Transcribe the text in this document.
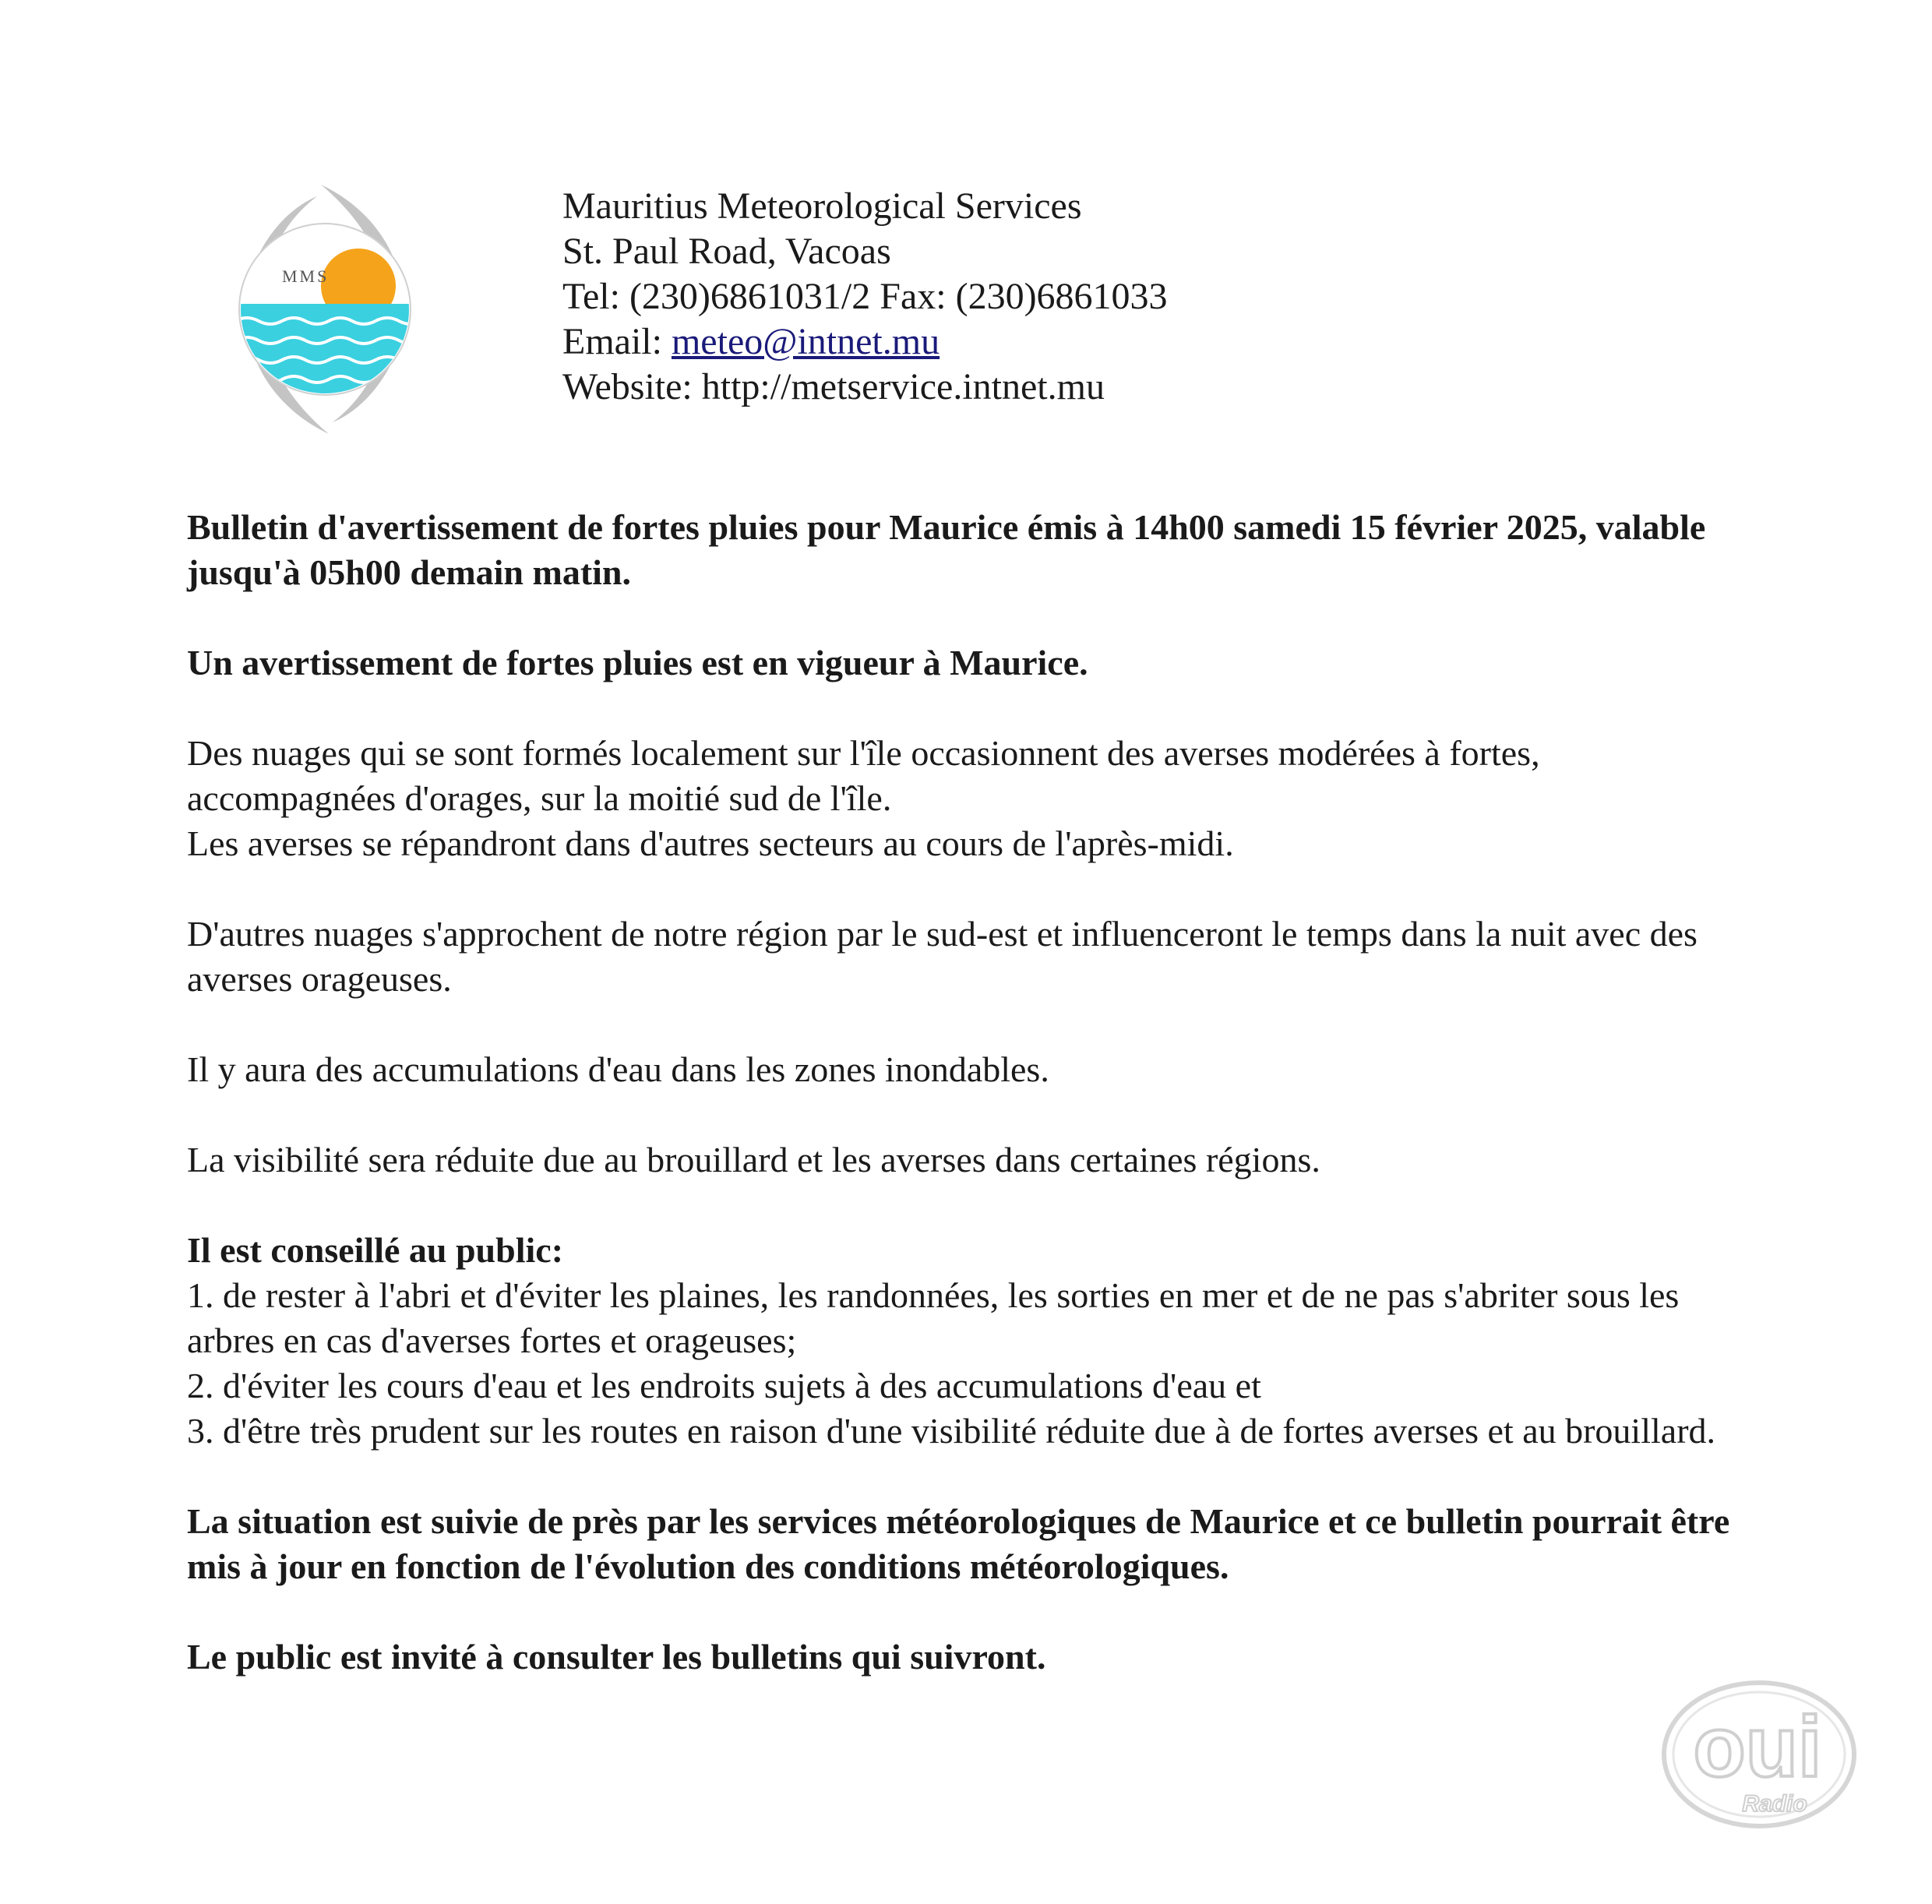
MMS
Mauritius Meteorological Services
St. Paul Road, Vacoas
Tel: (230)6861031/2 Fax: (230)6861033
Email: meteo@intnet.mu
Website: http://metservice.intnet.mu

Bulletin d'avertissement de fortes pluies pour Maurice émis à 14h00 samedi 15 février 2025, valable jusqu'à 05h00 demain matin.

Un avertissement de fortes pluies est en vigueur à Maurice.

Des nuages qui se sont formés localement sur l'île occasionnent des averses modérées à fortes, accompagnées d'orages, sur la moitié sud de l'île.

Les averses se répandront dans d'autres secteurs au cours de l'après-midi.

D'autres nuages s'approchent de notre région par le sud-est et influenceront le temps dans la nuit avec des averses orageuses.

Il y aura des accumulations d'eau dans les zones inondables.

La visibilité sera réduite due au brouillard et les averses dans certaines régions.

Il est conseillé au public:

1. de rester à l'abri et d'éviter les plaines, les randonnées, les sorties en mer et de ne pas s'abriter sous les arbres en cas d'averses fortes et orageuses;

2. d'éviter les cours d'eau et les endroits sujets à des accumulations d'eau et

3. d'être très prudent sur les routes en raison d'une visibilité réduite due à de fortes averses et au brouillard.

La situation est suivie de près par les services météorologiques de Maurice et ce bulletin pourrait être mis à jour en fonction de l'évolution des conditions météorologiques.

Le public est invité à consulter les bulletins qui suivront.

oui
Radio
